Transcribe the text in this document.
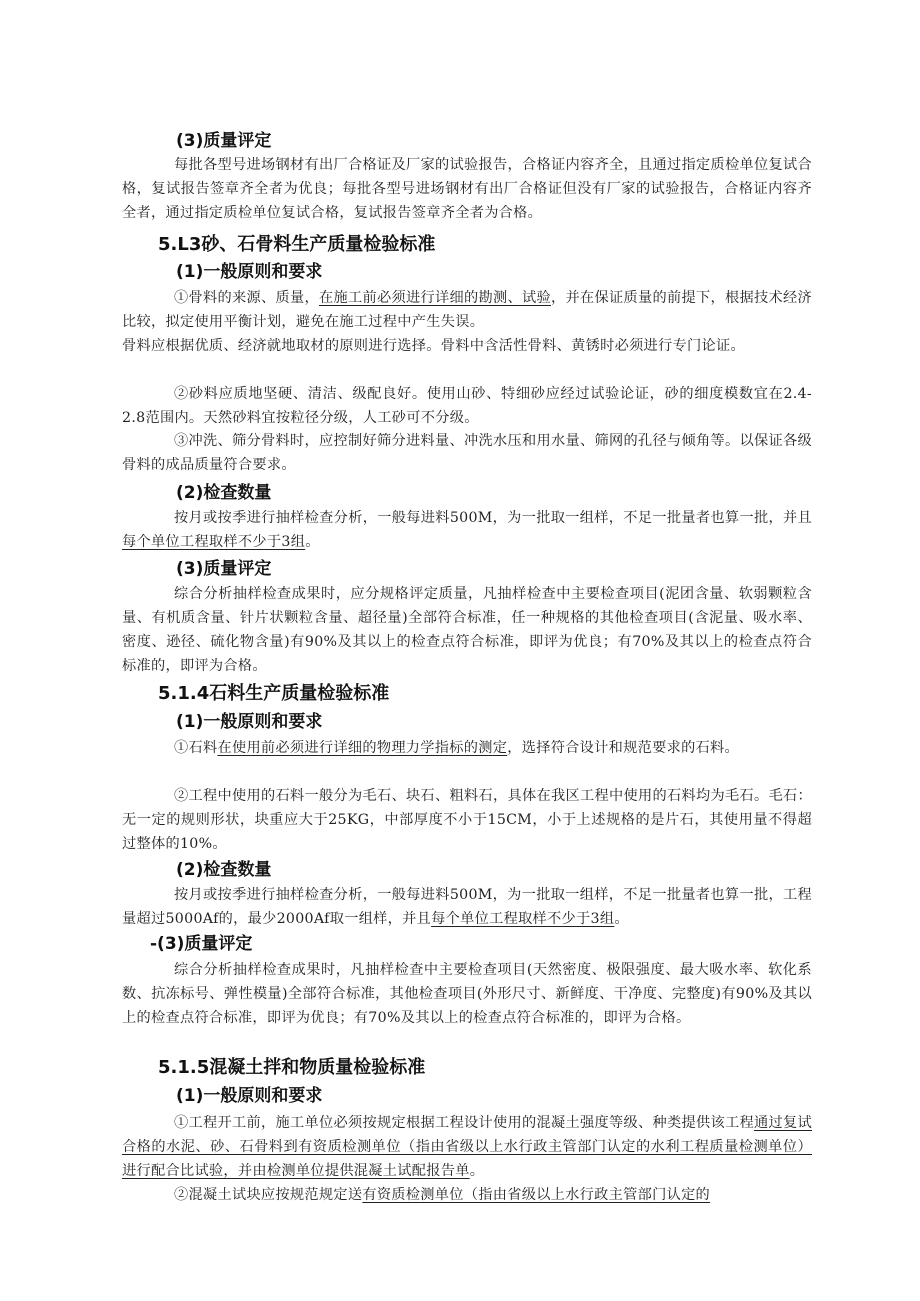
(3)质量评定

每批各型号进场钢材有出厂合格证及厂家的试验报告，合格证内容齐全，且通过指定质检单位复试合格，复试报告签章齐全者为优良；每批各型号进场钢材有出厂合格证但没有厂家的试验报告，合格证内容齐全者，通过指定质检单位复试合格，复试报告签章齐全者为合格。

5.L3砂、石骨料生产质量检验标准
(1)一般原则和要求

①骨料的来源、质量，在施工前必须进行详细的勘测、试验，并在保证质量的前提下，根据技术经济比较，拟定使用平衡计划，避免在施工过程中产生失误。

骨料应根据优质、经济就地取材的原则进行选择。骨料中含活性骨料、黄锈时必须进行专门论证。

②砂料应质地坚硬、清洁、级配良好。使用山砂、特细砂应经过试验论证，砂的细度模数宜在2.4-2.8范围内。天然砂料宜按粒径分级，人工砂可不分级。

③冲洗、筛分骨料时，应控制好筛分进料量、冲洗水压和用水量、筛网的孔径与倾角等。以保证各级骨料的成品质量符合要求。

(2)检查数量

按月或按季进行抽样检查分析，一般每进料500M，为一批取一组样，不足一批量者也算一批，并且每个单位工程取样不少于3组。

(3)质量评定

综合分析抽样检查成果时，应分规格评定质量，凡抽样检查中主要检查项目(泥团含量、软弱颗粒含量、有机质含量、针片状颗粒含量、超径量)全部符合标准，任一种规格的其他检查项目(含泥量、吸水率、密度、逊径、硫化物含量)有90%及其以上的检查点符合标准，即评为优良；有70%及其以上的检查点符合标准的，即评为合格。

5.1.4石料生产质量检验标准
(1)一般原则和要求

①石料在使用前必须进行详细的物理力学指标的测定，选择符合设计和规范要求的石料。

②工程中使用的石料一般分为毛石、块石、粗料石，具体在我区工程中使用的石料均为毛石。毛石：无一定的规则形状，块重应大于25KG，中部厚度不小于15CM，小于上述规格的是片石，其使用量不得超过整体的10%。

(2)检查数量

按月或按季进行抽样检查分析，一般每进料500M，为一批取一组样，不足一批量者也算一批，工程量超过5000Af的，最少2000Af取一组样，并且每个单位工程取样不少于3组。

-(3)质量评定

综合分析抽样检查成果时，凡抽样检查中主要检查项目(天然密度、极限强度、最大吸水率、软化系数、抗冻标号、弹性模量)全部符合标准，其他检查项目(外形尺寸、新鲜度、干净度、完整度)有90%及其以上的检查点符合标准，即评为优良；有70%及其以上的检查点符合标准的，即评为合格。

5.1.5混凝土拌和物质量检验标准
(1)一般原则和要求

①工程开工前，施工单位必须按规定根据工程设计使用的混凝土强度等级、种类提供该工程通过复试合格的水泥、砂、石骨料到有资质检测单位（指由省级以上水行政主管部门认定的水利工程质量检测单位）进行配合比试验，并由检测单位提供混凝土试配报告单。

②混凝土试块应按规范规定送有资质检测单位（指由省级以上水行政主管部门认定的
